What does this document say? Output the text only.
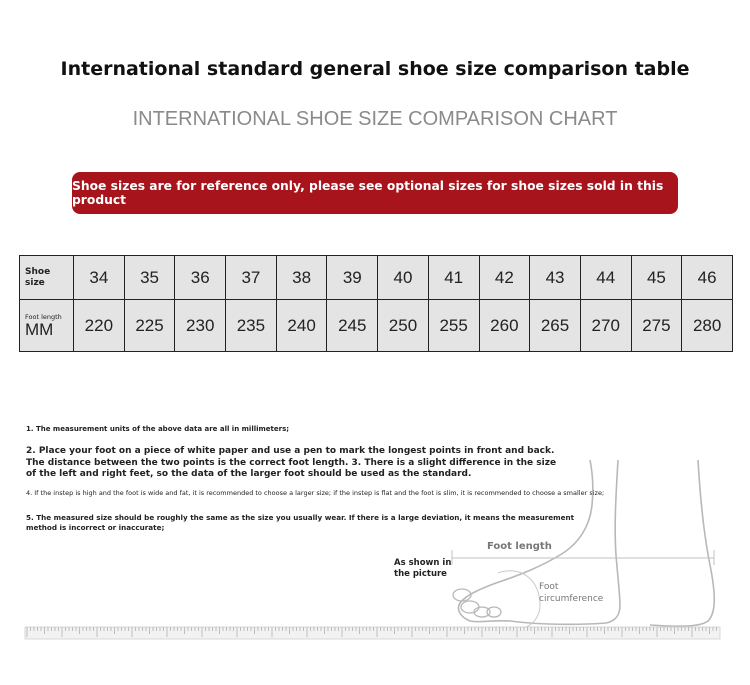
International standard general shoe size comparison table
INTERNATIONAL SHOE SIZE COMPARISON CHART
Shoe sizes are for reference only, please see optional sizes for shoe sizes sold in this product
Shoe size	34	35	36	37	38	39	40	41	42	43	44	45	46

Foot length
MM	220	225	230	235	240	245	250	255	260	265	270	275	280
1. The measurement units of the above data are all in millimeters;
2. Place your foot on a piece of white paper and use a pen to mark the longest points in front and back. The distance between the two points is the correct foot length. 3. There is a slight difference in the size of the left and right feet, so the data of the larger foot should be used as the standard.
4. If the instep is high and the foot is wide and fat, it is recommended to choose a larger size; if the instep is flat and the foot is slim, it is recommended to choose a smaller size;
5. The measured size should be roughly the same as the size you usually wear. If there is a large deviation, it means the measurement method is incorrect or inaccurate;
As shown in the picture
Foot length
Foot circumference
